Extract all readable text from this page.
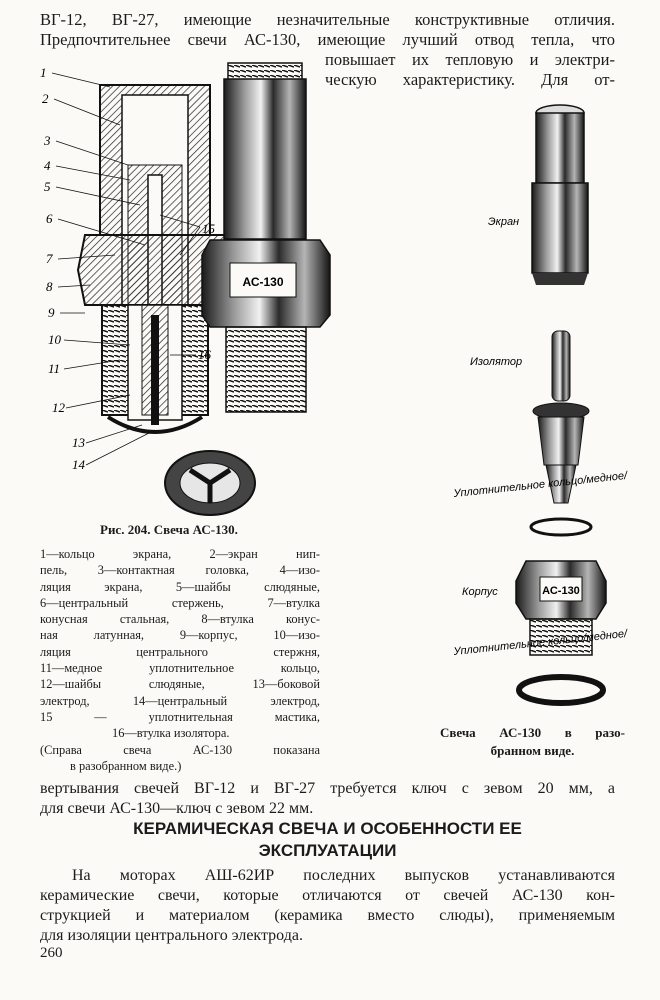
ВГ-12, ВГ-27, имеющие незначительные конструктивные отличия.
Предпочтительнее свечи АС-130, имеющие лучший отвод тепла, что
повышает их тепловую и электри-
ческую характеристику. Для от-
1
2
3
4
5
6
7
8
9
10
11
12
13
14
15
16
АС-130
Рис. 204. Свеча АС-130.
1—кольцо экрана, 2—экран нип-
пель, 3—контактная головка, 4—изо-
ляция экрана, 5—шайбы слюдяные,
6—центральный стержень, 7—втулка
конусная стальная, 8—втулка конус-
ная латунная, 9—корпус, 10—изо-
ляция центрального стержня,
11—медное уплотнительное кольцо,
12—шайбы слюдяные, 13—боковой
электрод, 14—центральный электрод,
15 — уплотнительная мастика,
16—втулка изолятора.
(Справа свеча АС-130 показана
в разобранном виде.)
Экран
Изолятор
Уплотнительное кольцо/медное/
АС-130
Корпус
Уплотнительное кольцо/медное/
Свеча АС-130 в разо-
бранном виде.
вертывания свечей ВГ-12 и ВГ-27 требуется ключ с зевом 20 мм, а
для свечи АС-130—ключ с зевом 22 мм.
КЕРАМИЧЕСКАЯ СВЕЧА И ОСОБЕННОСТИ ЕЕ
ЭКСПЛУАТАЦИИ
На моторах АШ-62ИР последних выпусков устанавливаются
керамические свечи, которые отличаются от свечей АС-130 кон-
струкцией и материалом (керамика вместо слюды), применяемым
для изоляции центрального электрода.
260
